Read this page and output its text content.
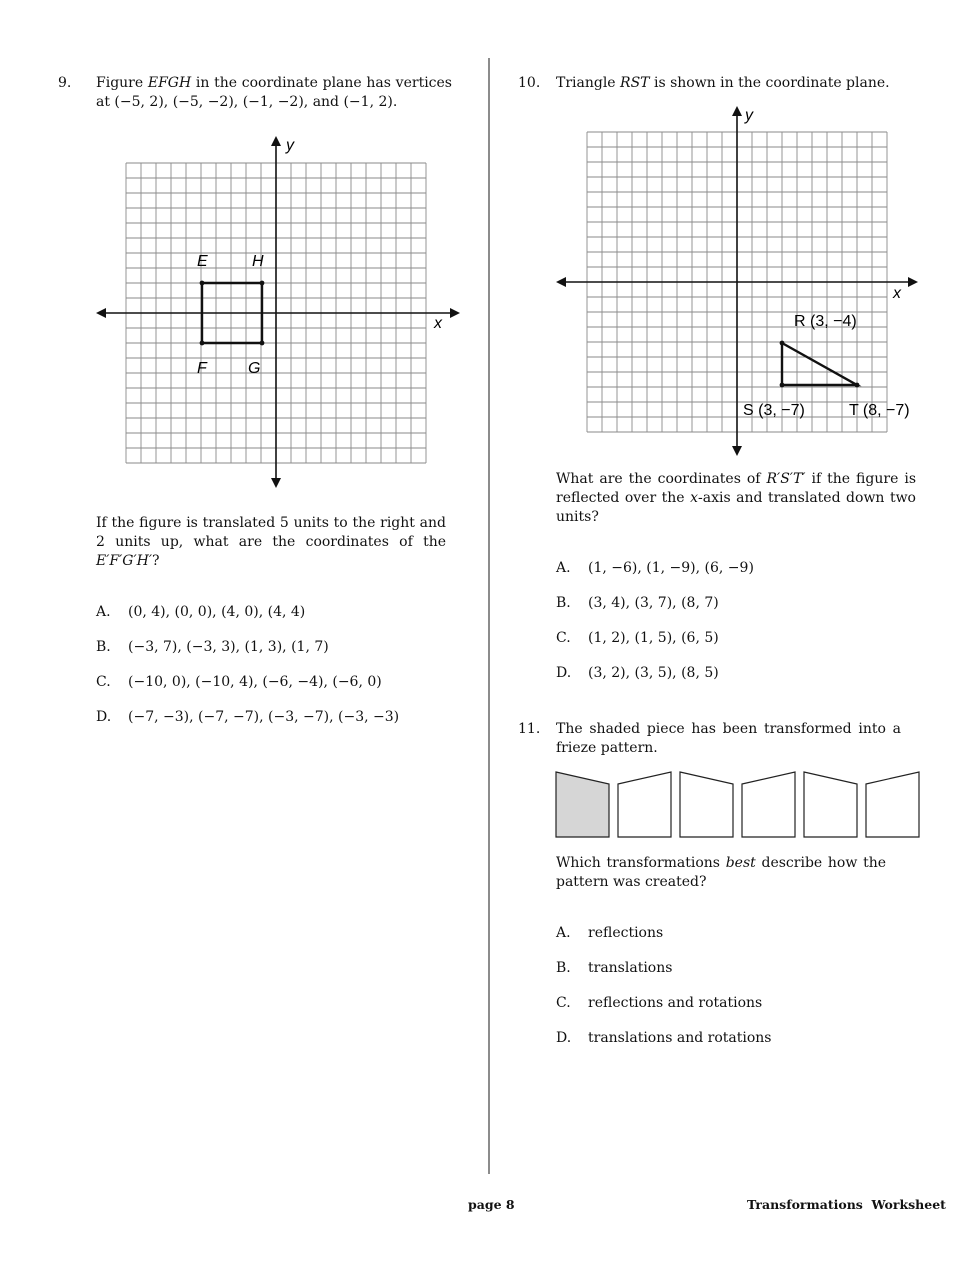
9. Figure EFGH in the coordinate plane has vertices at (−5, 2), (−5, −2), (−1, −2), and (−1, 2).
x
y
E	H
F	G
If the figure is translated 5 units to the right and 2 units up, what are the coordinates of the E′F′G′H′?
A. (0, 4), (0, 0), (4, 0), (4, 4)
B. (−3, 7), (−3, 3), (1, 3), (1, 7)
C. (−10, 0), (−10, 4), (−6, −4), (−6, 0)
D. (−7, −3), (−7, −7), (−3, −7), (−3, −3)
10. Triangle RST is shown in the coordinate plane.
x
y
R (3, −4)
S (3, −7)	T (8, −7)
What are the coordinates of R′S′T′ if the figure is reflected over the x-axis and translated down two units?
A. (1, −6), (1, −9), (6, −9)
B. (3, 4), (3, 7), (8, 7)
C. (1, 2), (1, 5), (6, 5)
D. (3, 2), (3, 5), (8, 5)
11. The shaded piece has been transformed into a frieze pattern.
Which transformations best describe how the pattern was created?
A. reflections
B. translations
C. reflections and rotations
D. translations and rotations
page 8	Transformations  Worksheet
